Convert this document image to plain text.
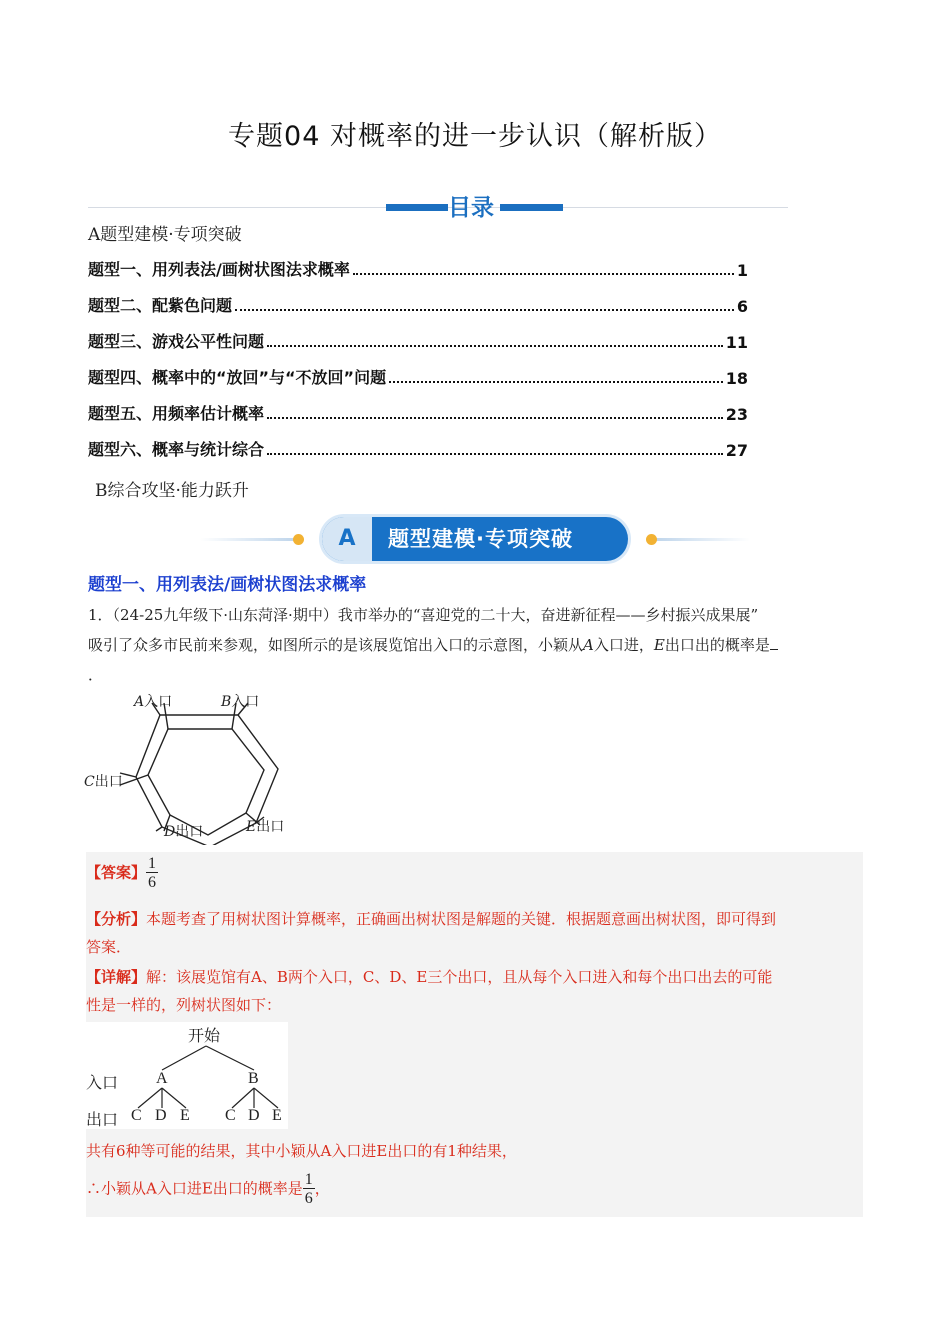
专题04 对概率的进一步认识（解析版）
目录
A题型建模·专项突破
题型一、用列表法/画树状图法求概率	1
题型二、配紫色问题	6
题型三、游戏公平性问题	11
题型四、概率中的“放回”与“不放回”问题	18
题型五、用频率估计概率	23
题型六、概率与统计综合	27
B综合攻坚·能力跃升
A	题型建模·专项突破
题型一、用列表法/画树状图法求概率
1．（24-25九年级下·山东菏泽·期中）我市举办的“喜迎党的二十大，奋进新征程——乡村振兴成果展”
吸引了众多市民前来参观，如图所示的是该展览馆出入口的示意图，小颖从A入口进，E出口出的概率是
．
A入口	B入口
C出口
D出口	E出口
【答案】 $\frac{1}{6}$
【分析】本题考查了用树状图计算概率，正确画出树状图是解题的关键．根据题意画出树状图，即可得到
答案．
【详解】解：该展览馆有A、B两个入口，C、D、E三个出口，且从每个入口进入和每个出口出去的可能
性是一样的，列树状图如下：
开始
入口 A	B
出口 C D E C D E
共有6种等可能的结果，其中小颖从A入口进E出口的有1种结果，
∴小颖从A入口进E出口的概率是 $\frac{1}{6}$ ，
